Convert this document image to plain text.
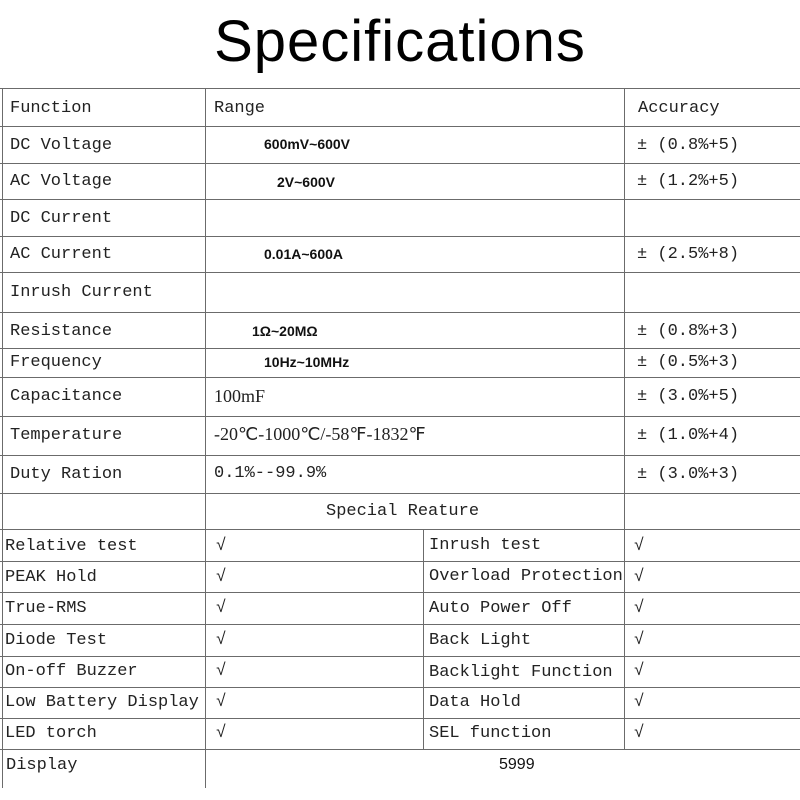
Specifications
Function	Range	Accuracy
DC Voltage	600mV~600V	± (0.8%+5)
AC Voltage	2V~600V	± (1.2%+5)
DC Current
AC Current	0.01A~600A	± (2.5%+8)
Inrush Current
Resistance	1Ω~20MΩ	± (0.8%+3)
Frequency	10Hz~10MHz	± (0.5%+3)
Capacitance	100mF	± (3.0%+5)
Temperature	-20℃-1000℃/-58℉-1832℉	± (1.0%+4)
Duty Ration	0.1%--99.9%	± (3.0%+3)
Special Reature
Relative test	√	Inrush test	√
PEAK Hold	√	Overload Protection √
True-RMS	√	Auto Power Off	√
Diode Test	√	Back Light	√
On-off Buzzer	√	Backlight Function √
Low Battery Display √	Data Hold	√
LED torch	√	SEL function	√
Display	5999
